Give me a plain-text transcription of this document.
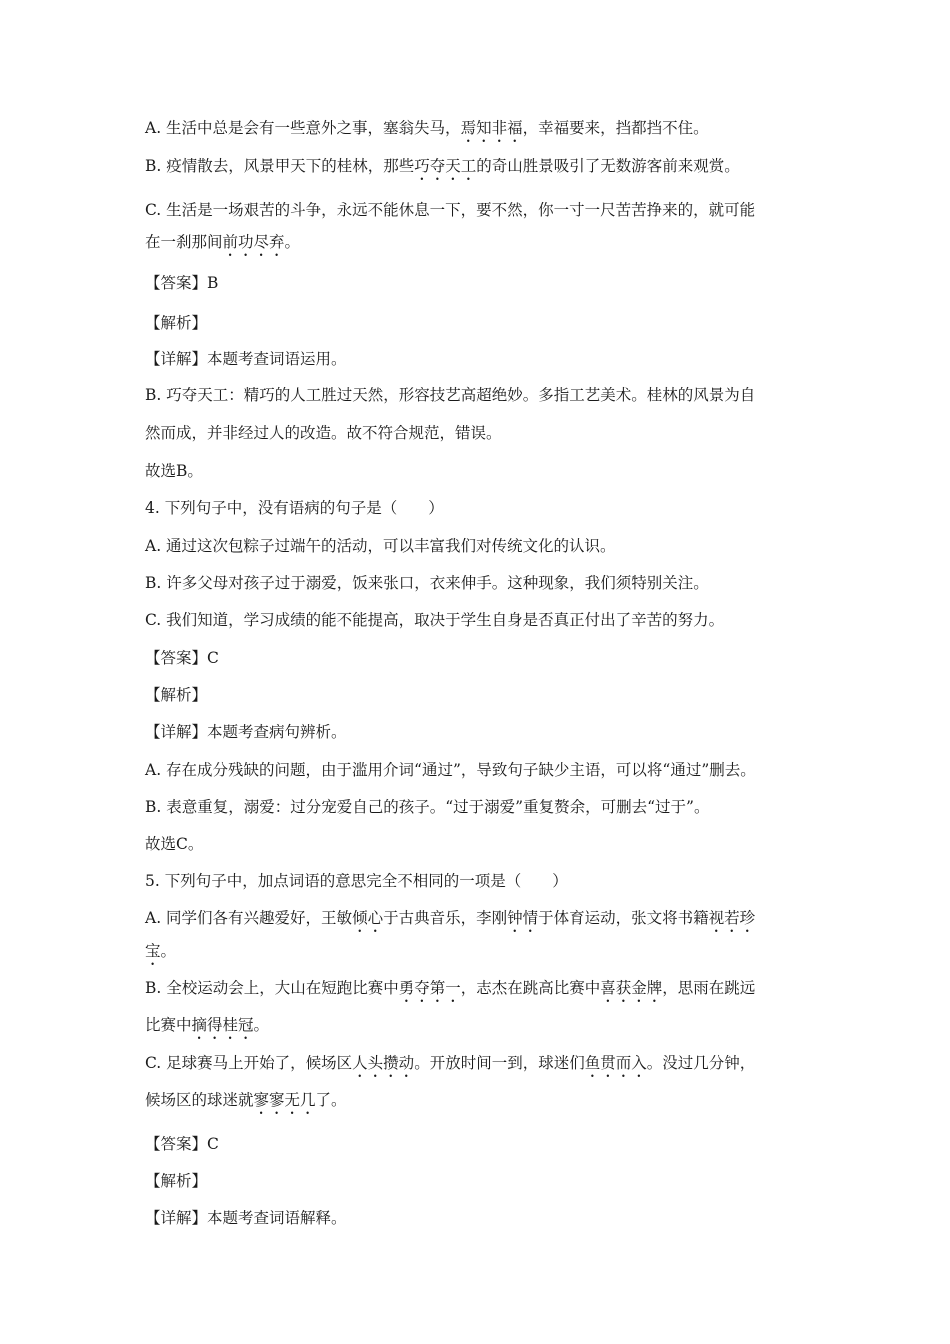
A. 生活中总是会有一些意外之事，塞翁失马，焉知非福，幸福要来，挡都挡不住。
B. 疫情散去，风景甲天下的桂林，那些巧夺天工的奇山胜景吸引了无数游客前来观赏。
C. 生活是一场艰苦的斗争，永远不能休息一下，要不然，你一寸一尺苦苦挣来的，就可能
在一刹那间前功尽弃。
【答案】B
【解析】
【详解】本题考查词语运用。
B. 巧夺天工：精巧的人工胜过天然，形容技艺高超绝妙。多指工艺美术。桂林的风景为自
然而成，并非经过人的改造。故不符合规范，错误。
故选B。
4. 下列句子中，没有语病的句子是（　　）
A. 通过这次包粽子过端午的活动，可以丰富我们对传统文化的认识。
B. 许多父母对孩子过于溺爱，饭来张口，衣来伸手。这种现象，我们须特别关注。
C. 我们知道，学习成绩的能不能提高，取决于学生自身是否真正付出了辛苦的努力。
【答案】C
【解析】
【详解】本题考查病句辨析。
A. 存在成分残缺的问题，由于滥用介词“通过”，导致句子缺少主语，可以将“通过”删去。
B. 表意重复，溺爱：过分宠爱自己的孩子。“过于溺爱”重复赘余，可删去“过于”。
故选C。
5. 下列句子中，加点词语的意思完全不相同的一项是（　　）
A. 同学们各有兴趣爱好，王敏倾心于古典音乐，李刚钟情于体育运动，张文将书籍视若珍
宝。
B. 全校运动会上，大山在短跑比赛中勇夺第一，志杰在跳高比赛中喜获金牌，思雨在跳远
比赛中摘得桂冠。
C. 足球赛马上开始了，候场区人头攒动。开放时间一到，球迷们鱼贯而入。没过几分钟，
候场区的球迷就寥寥无几了。
【答案】C
【解析】
【详解】本题考查词语解释。
